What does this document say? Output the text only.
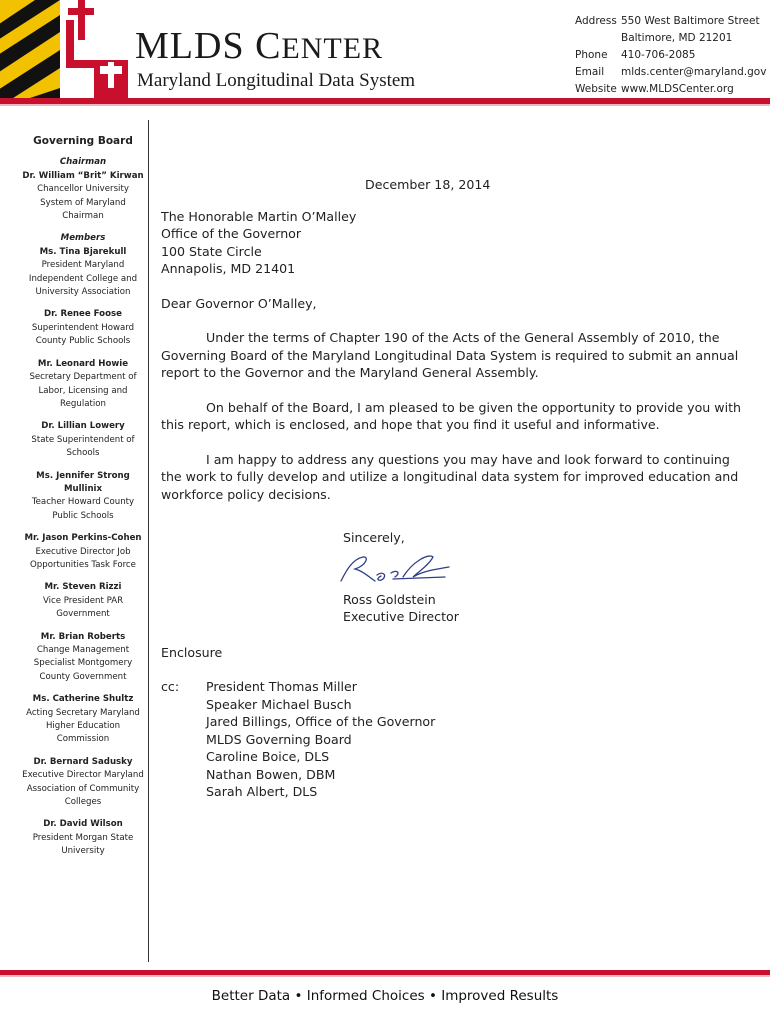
MLDS CENTER
Maryland Longitudinal Data System
Address 550 West Baltimore Street
Baltimore, MD 21201
Phone	410-706-2085
Email	mlds.center@maryland.gov
Website www.MLDSCenter.org
Governing Board
Chairman
Dr. William “Brit” Kirwan
Chancellor University System of Maryland Chairman
Members
Ms. Tina Bjarekull
President Maryland Independent College and University Association
Dr. Renee Foose
Superintendent Howard County Public Schools
Mr. Leonard Howie
Secretary Department of Labor, Licensing and Regulation
Dr. Lillian Lowery
State Superintendent of Schools
Ms. Jennifer Strong Mullinix
Teacher Howard County Public Schools
Mr. Jason Perkins-Cohen
Executive Director Job Opportunities Task Force
Mr. Steven Rizzi
Vice President PAR Government
Mr. Brian Roberts
Change Management Specialist Montgomery County Government
Ms. Catherine Shultz
Acting Secretary Maryland Higher Education Commission
Dr. Bernard Sadusky
Executive Director Maryland Association of Community Colleges
Dr. David Wilson
President Morgan State University
December 18, 2014
The Honorable Martin O’Malley
Office of the Governor
100 State Circle
Annapolis, MD 21401
Dear Governor O’Malley,
Under the terms of Chapter 190 of the Acts of the General Assembly of 2010, the Governing Board of the Maryland Longitudinal Data System is required to submit an annual report to the Governor and the Maryland General Assembly.
On behalf of the Board, I am pleased to be given the opportunity to provide you with this report, which is enclosed, and hope that you find it useful and informative.
I am happy to address any questions you may have and look forward to continuing the work to fully develop and utilize a longitudinal data system for improved education and workforce policy decisions.
Sincerely,
Ross Goldstein
Executive Director
Enclosure
cc:	President Thomas Miller
Speaker Michael Busch
Jared Billings, Office of the Governor
MLDS Governing Board
Caroline Boice, DLS
Nathan Bowen, DBM
Sarah Albert, DLS
Better Data • Informed Choices • Improved Results
